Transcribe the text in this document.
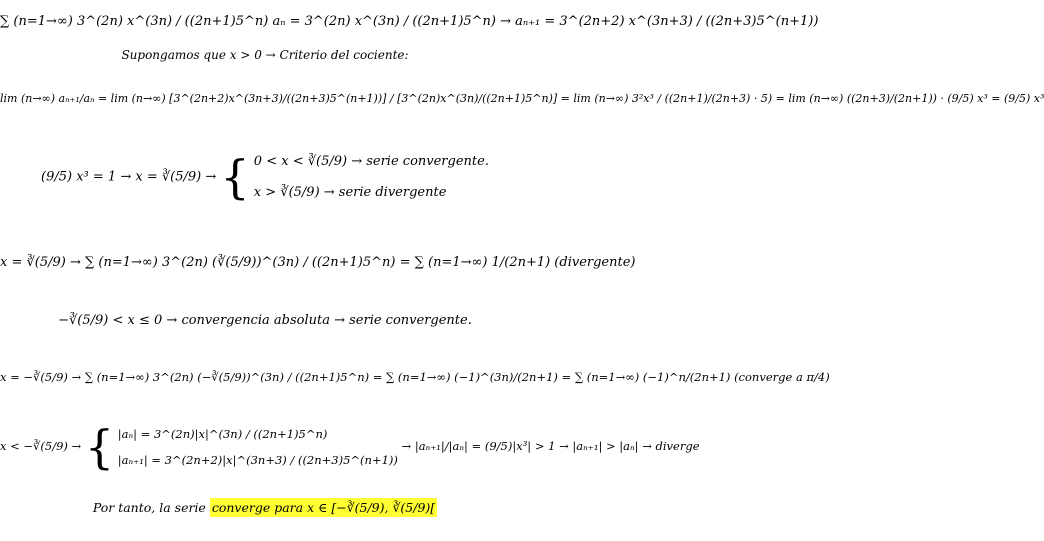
∑ (n=1→∞) 3^(2n) x^(3n) / ((2n+1)5^n) aₙ = 3^(2n) x^(3n) / ((2n+1)5^n) → aₙ₊₁ = 3^(2n+2) x^(3n+3) / ((2n+3)5^(n+1))
Supongamos que x > 0 → Criterio del cociente:
lim (n→∞) aₙ₊₁/aₙ = lim (n→∞) [3^(2n+2)x^(3n+3)/((2n+3)5^(n+1))] / [3^(2n)x^(3n)/((2n+1)5^n)] = lim (n→∞) 3²x³ / ((2n+1)/(2n+3) · 5) = lim (n→∞) ((2n+3)/(2n+1)) · (9/5) x³ = (9/5) x³
(9/5) x³ = 1 → x = ∛(5/9) → { 0 < x < ∛(5/9) → serie convergente.
x > ∛(5/9) → serie divergente
x = ∛(5/9) → ∑ (n=1→∞) 3^(2n) (∛(5/9))^(3n) / ((2n+1)5^n) = ∑ (n=1→∞) 1/(2n+1) (divergente)
−∛(5/9) < x ≤ 0 → convergencia absoluta → serie convergente.
x = −∛(5/9) → ∑ (n=1→∞) 3^(2n) (−∛(5/9))^(3n) / ((2n+1)5^n) = ∑ (n=1→∞) (−1)^(3n)/(2n+1) = ∑ (n=1→∞) (−1)^n/(2n+1) (converge a π/4)
x < −∛(5/9) → { |aₙ| = 3^(2n)|x|^(3n) / ((2n+1)5^n)
|aₙ₊₁| = 3^(2n+2)|x|^(3n+3) / ((2n+3)5^(n+1))
→ |aₙ₊₁|/|aₙ| = (9/5)|x³| > 1 → |aₙ₊₁| > |aₙ| → diverge
Por tanto, la serie converge para x ∈ [−∛(5/9), ∛(5/9)[
